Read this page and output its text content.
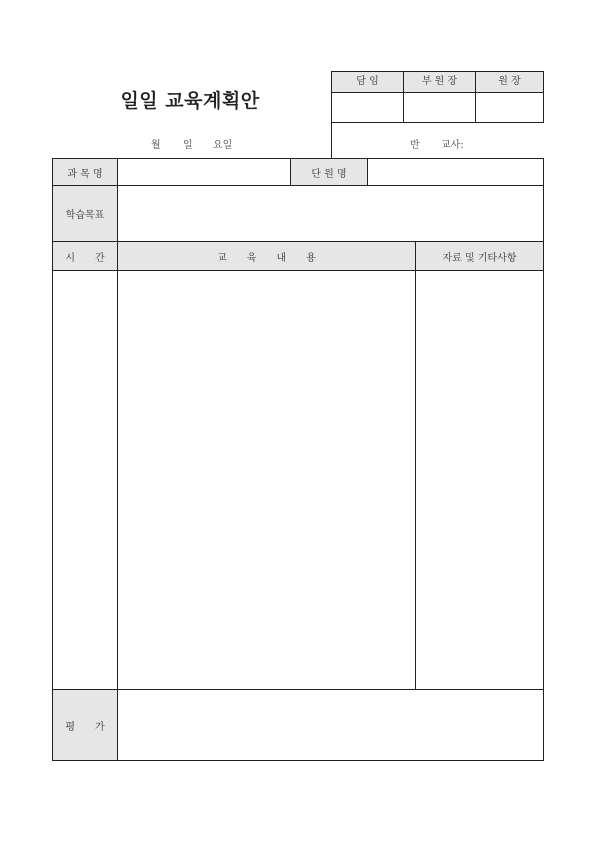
일일 교육계획안
월 일 요일
담 임	부 원 장	원 장
반 교사:
과 목 명	단 원 명
학습목표
시　　간	교　　육　　내　　용	자료 및 기타사항
평　　가
